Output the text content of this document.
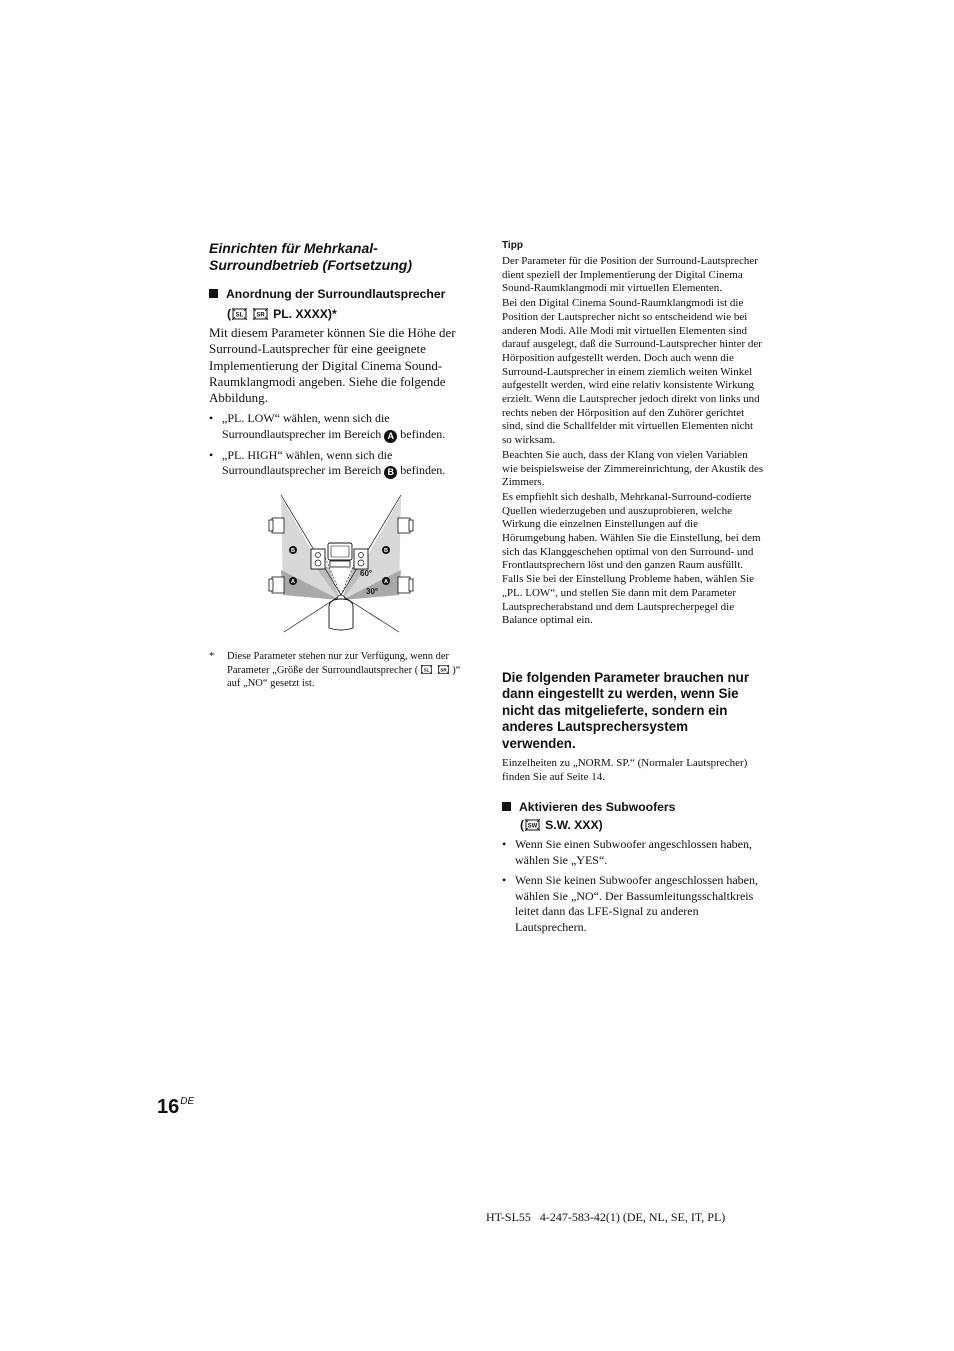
Einrichten für Mehrkanal-
Surroundbetrieb (Fortsetzung)
Anordnung der Surroundlautsprecher
( SL SR PL. XXXX)*
Mit diesem Parameter können Sie die Höhe der Surround-Lautsprecher für eine geeignete Implementierung der Digital Cinema Sound-Raumklangmodi angeben. Siehe die folgende Abbildung.
• „PL. LOW“ wählen, wenn sich die Surroundlautsprecher im Bereich A befinden.
• „PL. HIGH“ wählen, wenn sich die Surroundlautsprecher im Bereich B befinden.
B	B
A	A
60°
30°
*	Diese Parameter stehen nur zur Verfügung, wenn der Parameter „Größe der Surroundlautsprecher ( SL SR )“ auf „NO“ gesetzt ist.
Tipp

Der Parameter für die Position der Surround-Lautsprecher dient speziell der Implementierung der Digital Cinema Sound-Raumklangmodi mit virtuellen Elementen.

Bei den Digital Cinema Sound-Raumklangmodi ist die Position der Lautsprecher nicht so entscheidend wie bei anderen Modi. Alle Modi mit virtuellen Elementen sind darauf ausgelegt, daß die Surround-Lautsprecher hinter der Hörposition aufgestellt werden. Doch auch wenn die Surround-Lautsprecher in einem ziemlich weiten Winkel aufgestellt werden, wird eine relativ konsistente Wirkung erzielt. Wenn die Lautsprecher jedoch direkt von links und rechts neben der Hörposition auf den Zuhörer gerichtet sind, sind die Schallfelder mit virtuellen Elementen nicht so wirksam.

Beachten Sie auch, dass der Klang von vielen Variablen wie beispielsweise der Zimmereinrichtung, der Akustik des Zimmers.

Es empfiehlt sich deshalb, Mehrkanal-Surround-codierte Quellen wiederzugeben und auszuprobieren, welche Wirkung die einzelnen Einstellungen auf die Hörumgebung haben. Wählen Sie die Einstellung, bei dem sich das Klanggeschehen optimal von den Surround- und Frontlautsprechern löst und den ganzen Raum ausfüllt. Falls Sie bei der Einstellung Probleme haben, wählen Sie „PL. LOW“, und stellen Sie dann mit dem Parameter Lautsprecherabstand und dem Lautsprecherpegel die Balance optimal ein.

Die folgenden Parameter brauchen nur dann eingestellt zu werden, wenn Sie nicht das mitgelieferte, sondern ein anderes Lautsprechersystem verwenden.
Einzelheiten zu „NORM. SP.“ (Normaler Lautsprecher) finden Sie auf Seite 14.
Aktivieren des Subwoofers
( SW S.W. XXX)
• Wenn Sie einen Subwoofer angeschlossen haben, wählen Sie „YES“.
• Wenn Sie keinen Subwoofer angeschlossen haben, wählen Sie „NO“. Der Bassumleitungsschaltkreis leitet dann das LFE-Signal zu anderen Lautsprechern.
16DE
HT-SL55   4-247-583-42(1) (DE, NL, SE, IT, PL)
